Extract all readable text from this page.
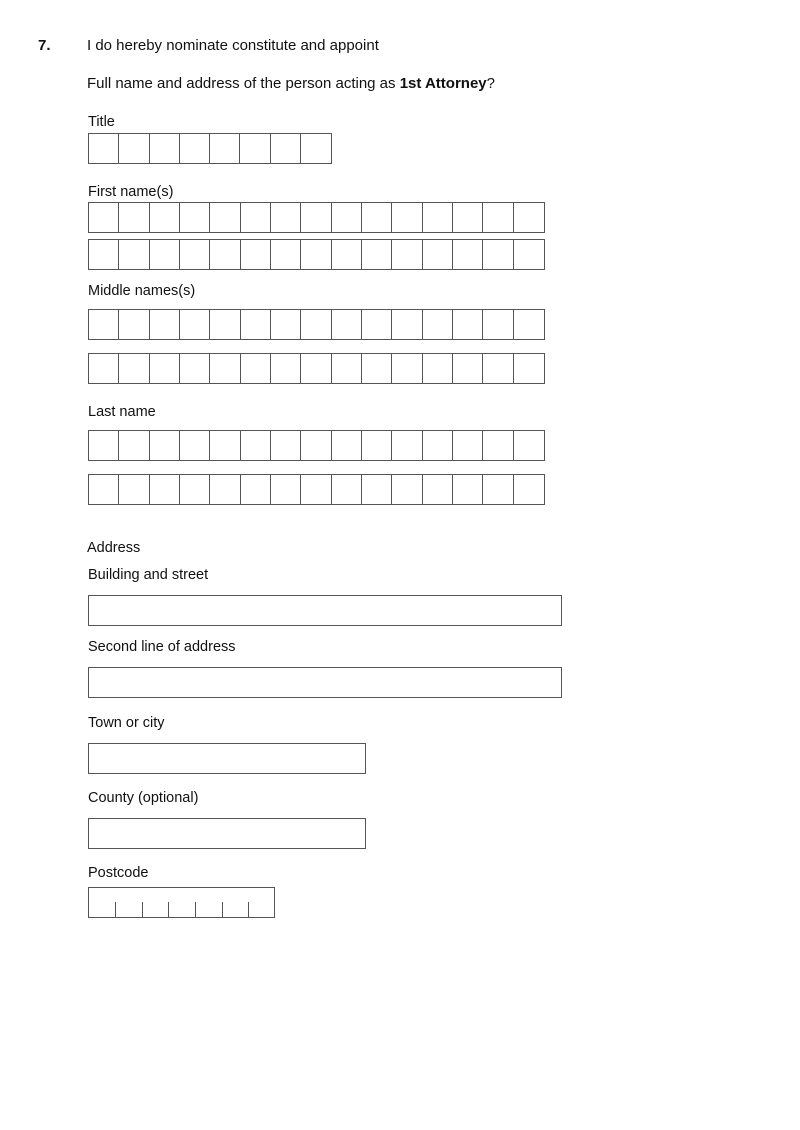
7. I do hereby nominate constitute and appoint
Full name and address of the person acting as 1st Attorney?
Title
First name(s)
Middle names(s)
Last name
Address
Building and street
Second line of address
Town or city
County (optional)
Postcode
